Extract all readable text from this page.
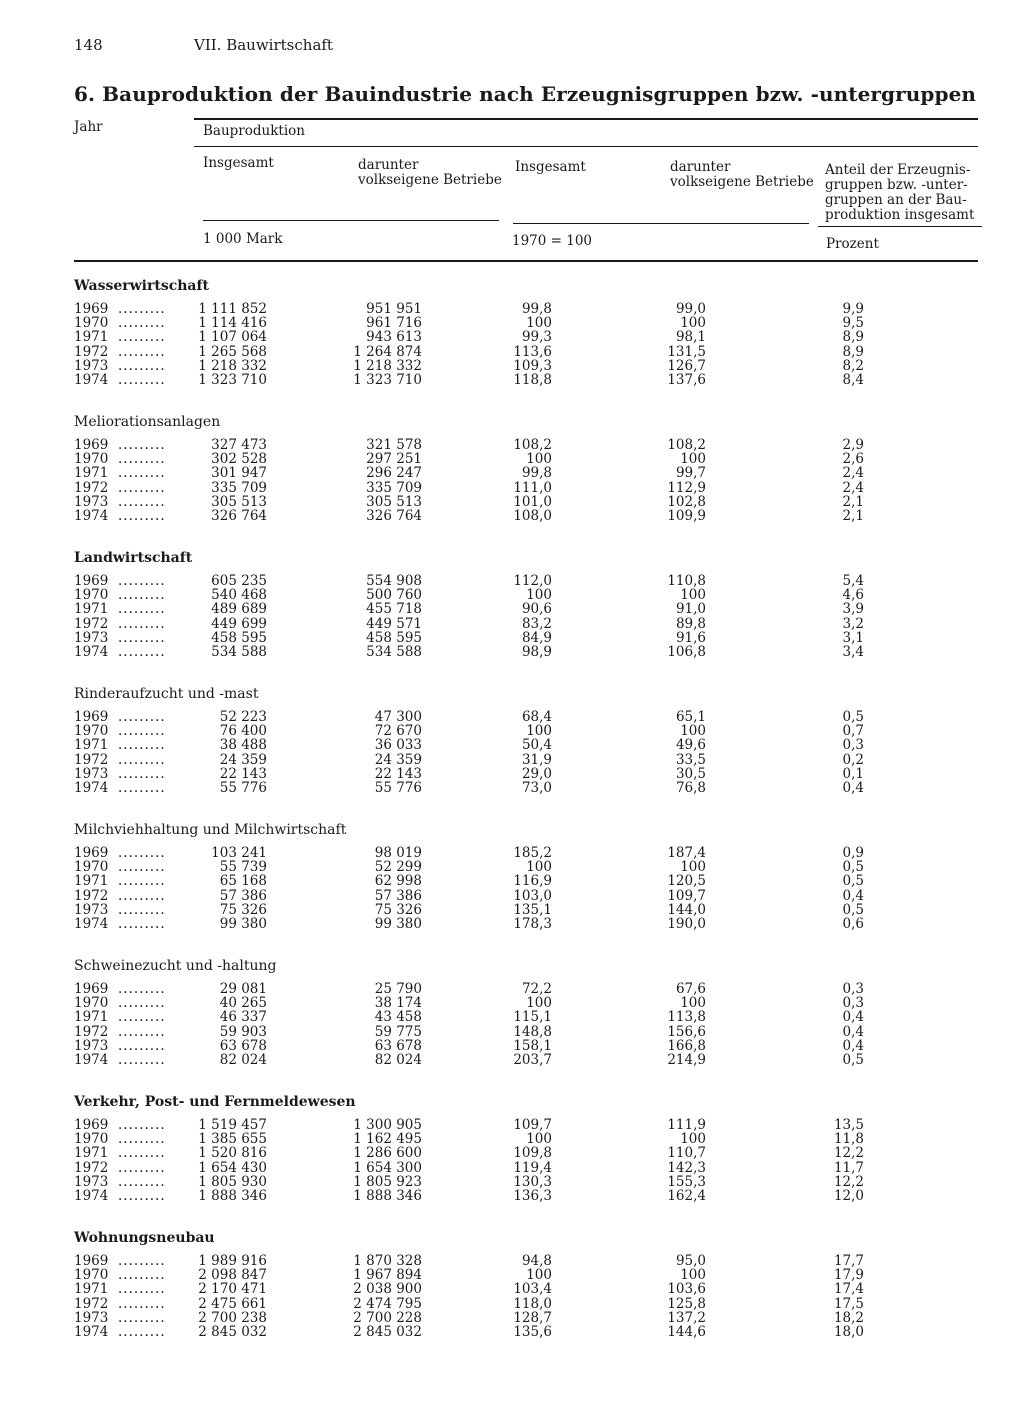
148	VII. Bauwirtschaft
6. Bauproduktion der Bauindustrie nach Erzeugnisgruppen bzw. -untergruppen
Jahr	Bauproduktion
Insgesamt	darunter
volkseigene Betriebe
Insgesamt	darunter
volkseigene Betriebe
Anteil der Erzeugnis-
gruppen bzw. -unter-
gruppen an der Bau-
produktion insgesamt
1 000 Mark	1970 = 100	Prozent
Wasserwirtschaft
1969 ......... 1 111 852	951 951	99,8	99,0	9,9
1970 ......... 1 114 416	961 716	100	100	9,5
1971 ......... 1 107 064	943 613	99,3	98,1	8,9
1972 ......... 1 265 568	1 264 874	113,6	131,5	8,9
1973 ......... 1 218 332	1 218 332	109,3	126,7	8,2
1974 ......... 1 323 710	1 323 710	118,8	137,6	8,4
Meliorationsanlagen
1969 .........	327 473	321 578	108,2	108,2	2,9
1970 .........	302 528	297 251	100	100	2,6
1971 .........	301 947	296 247	99,8	99,7	2,4
1972 .........	335 709	335 709	111,0	112,9	2,4
1973 .........	305 513	305 513	101,0	102,8	2,1
1974 .........	326 764	326 764	108,0	109,9	2,1
Landwirtschaft
1969 .........	605 235	554 908	112,0	110,8	5,4
1970 .........	540 468	500 760	100	100	4,6
1971 .........	489 689	455 718	90,6	91,0	3,9
1972 .........	449 699	449 571	83,2	89,8	3,2
1973 .........	458 595	458 595	84,9	91,6	3,1
1974 .........	534 588	534 588	98,9	106,8	3,4
Rinderaufzucht und -mast
1969 .........	52 223	47 300	68,4	65,1	0,5
1970 .........	76 400	72 670	100	100	0,7
1971 .........	38 488	36 033	50,4	49,6	0,3
1972 .........	24 359	24 359	31,9	33,5	0,2
1973 .........	22 143	22 143	29,0	30,5	0,1
1974 .........	55 776	55 776	73,0	76,8	0,4
Milchviehhaltung und Milchwirtschaft
1969 .........	103 241	98 019	185,2	187,4	0,9
1970 .........	55 739	52 299	100	100	0,5
1971 .........	65 168	62 998	116,9	120,5	0,5
1972 .........	57 386	57 386	103,0	109,7	0,4
1973 .........	75 326	75 326	135,1	144,0	0,5
1974 .........	99 380	99 380	178,3	190,0	0,6
Schweinezucht und -haltung
1969 .........	29 081	25 790	72,2	67,6	0,3
1970 .........	40 265	38 174	100	100	0,3
1971 .........	46 337	43 458	115,1	113,8	0,4
1972 .........	59 903	59 775	148,8	156,6	0,4
1973 .........	63 678	63 678	158,1	166,8	0,4
1974 .........	82 024	82 024	203,7	214,9	0,5
Verkehr, Post- und Fernmeldewesen
1969 ......... 1 519 457	1 300 905	109,7	111,9	13,5
1970 ......... 1 385 655	1 162 495	100	100	11,8
1971 ......... 1 520 816	1 286 600	109,8	110,7	12,2
1972 ......... 1 654 430	1 654 300	119,4	142,3	11,7
1973 ......... 1 805 930	1 805 923	130,3	155,3	12,2
1974 ......... 1 888 346	1 888 346	136,3	162,4	12,0
Wohnungsneubau
1969 ......... 1 989 916	1 870 328	94,8	95,0	17,7
1970 ......... 2 098 847	1 967 894	100	100	17,9
1971 ......... 2 170 471	2 038 900	103,4	103,6	17,4
1972 ......... 2 475 661	2 474 795	118,0	125,8	17,5
1973 ......... 2 700 238	2 700 228	128,7	137,2	18,2
1974 ......... 2 845 032	2 845 032	135,6	144,6	18,0
